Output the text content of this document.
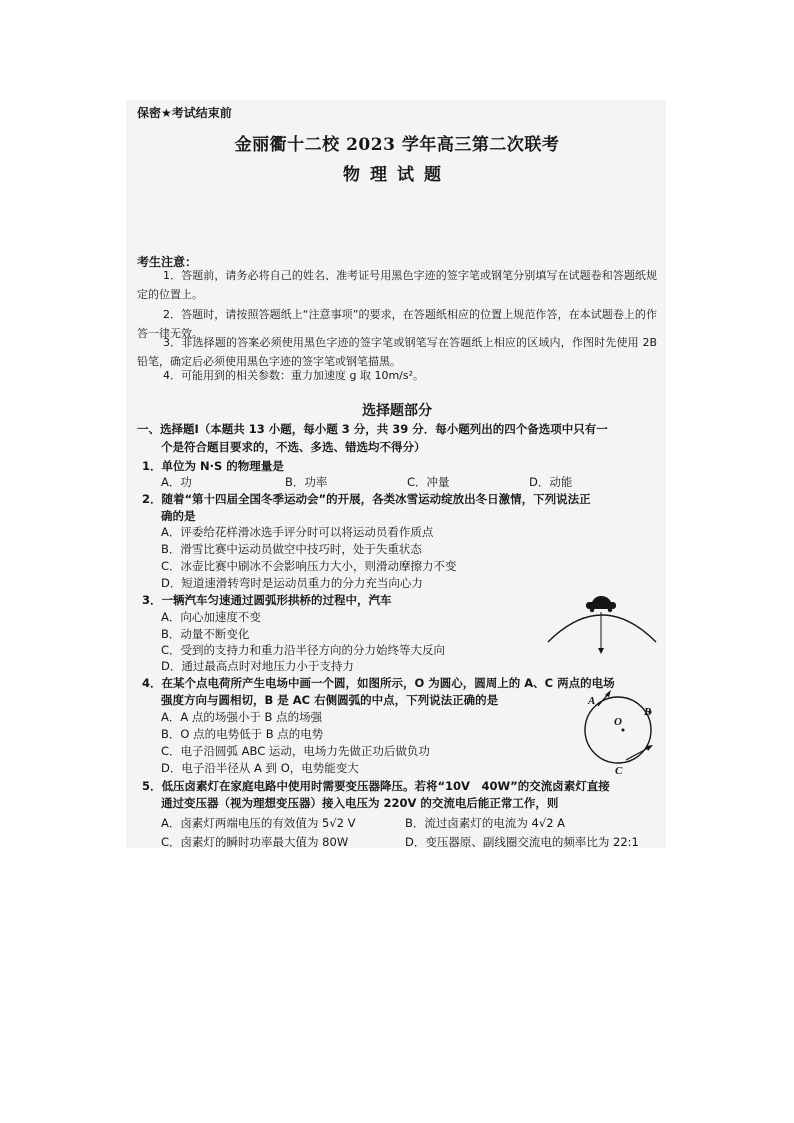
保密★考试结束前
金丽衢十二校 2023 学年高三第二次联考
物理试题
考生注意：
1．答题前，请务必将自己的姓名、准考证号用黑色字迹的签字笔或钢笔分别填写在试题卷和答题纸规定的位置上。
2．答题时，请按照答题纸上“注意事项”的要求，在答题纸相应的位置上规范作答，在本试题卷上的作答一律无效。
3．非选择题的答案必须使用黑色字迹的签字笔或钢笔写在答题纸上相应的区域内，作图时先使用 2B 铅笔，确定后必须使用黑色字迹的签字笔或钢笔描黑。
4．可能用到的相关参数：重力加速度 g 取 10m/s²。
选择题部分
一、选择题Ⅰ（本题共 13 小题，每小题 3 分，共 39 分．每小题列出的四个备选项中只有一
个是符合题目要求的，不选、多选、错选均不得分）
1．单位为 N·S 的物理量是
A．功	B．功率	C．冲量	D．动能
2．随着“第十四届全国冬季运动会”的开展，各类冰雪运动绽放出冬日激情，下列说法正
确的是
A．评委给花样滑冰选手评分时可以将运动员看作质点
B．滑雪比赛中运动员做空中技巧时，处于失重状态
C．冰壶比赛中刷冰不会影响压力大小，则滑动摩擦力不变
D．短道速滑转弯时是运动员重力的分力充当向心力
3．一辆汽车匀速通过圆弧形拱桥的过程中，汽车
A．向心加速度不变
B．动量不断变化
C．受到的支持力和重力沿半径方向的分力始终等大反向
D．通过最高点时对地压力小于支持力
4．在某个点电荷所产生电场中画一个圆，如图所示，O 为圆心，圆周上的 A、C 两点的电场
强度方向与圆相切，B 是 AC 右侧圆弧的中点，下列说法正确的是
A．A 点的场强小于 B 点的场强
B．O 点的电势低于 B 点的电势
C．电子沿圆弧 ABC 运动，电场力先做正功后做负功
D．电子沿半径从 A 到 O，电势能变大
A
O
B
C
5．低压卤素灯在家庭电路中使用时需要变压器降压。若将“10V　40W”的交流卤素灯直接
通过变压器（视为理想变压器）接入电压为 220V 的交流电后能正常工作，则
A．卤素灯两端电压的有效值为 5√2 V	B．流过卤素灯的电流为 4√2 A
C．卤素灯的瞬时功率最大值为 80W	D．变压器原、副线圈交流电的频率比为 22:1
